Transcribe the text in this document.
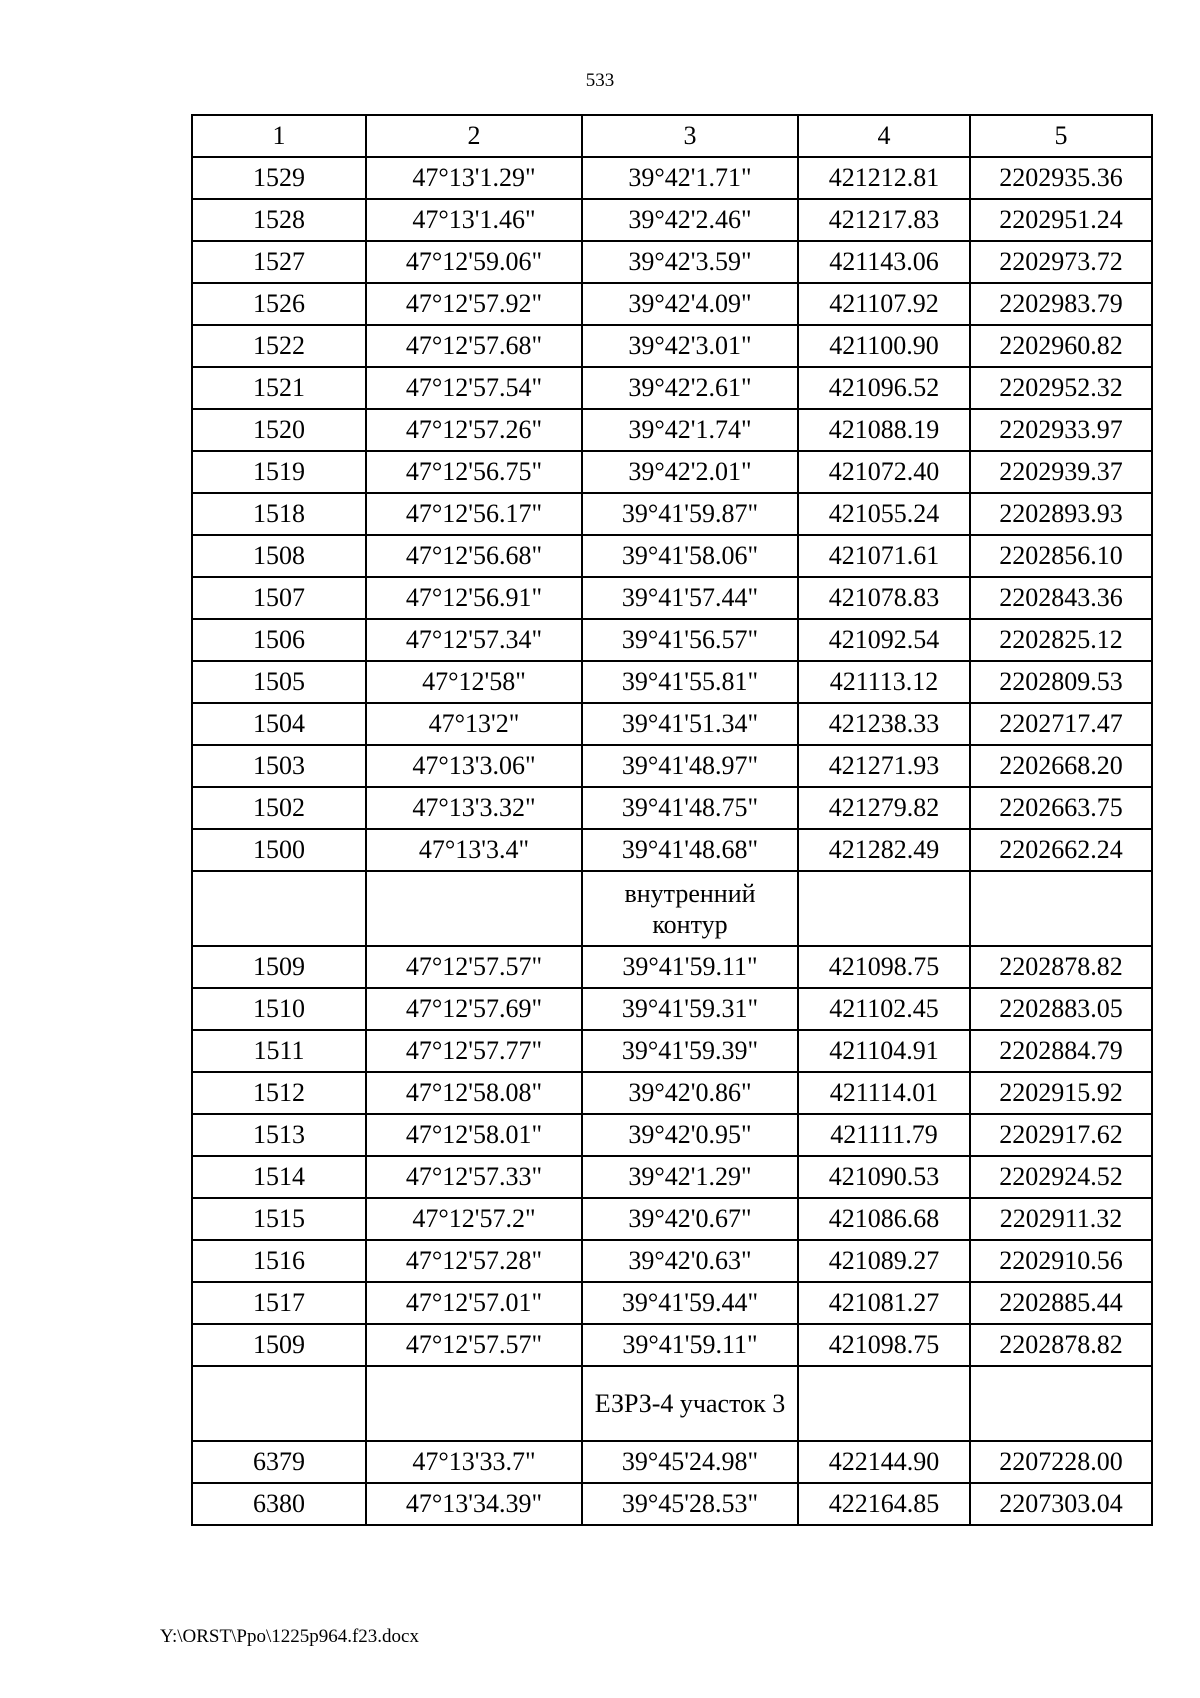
533
1	2	3	4	5
1529	47°13'1.29"	39°42'1.71"	421212.81	2202935.36
1528	47°13'1.46"	39°42'2.46"	421217.83	2202951.24
1527	47°12'59.06"	39°42'3.59"	421143.06	2202973.72
1526	47°12'57.92"	39°42'4.09"	421107.92	2202983.79
1522	47°12'57.68"	39°42'3.01"	421100.90	2202960.82
1521	47°12'57.54"	39°42'2.61"	421096.52	2202952.32
1520	47°12'57.26"	39°42'1.74"	421088.19	2202933.97
1519	47°12'56.75"	39°42'2.01"	421072.40	2202939.37
1518	47°12'56.17"	39°41'59.87"	421055.24	2202893.93
1508	47°12'56.68"	39°41'58.06"	421071.61	2202856.10
1507	47°12'56.91"	39°41'57.44"	421078.83	2202843.36
1506	47°12'57.34"	39°41'56.57"	421092.54	2202825.12
1505	47°12'58"	39°41'55.81"	421113.12	2202809.53
1504	47°13'2"	39°41'51.34"	421238.33	2202717.47
1503	47°13'3.06"	39°41'48.97"	421271.93	2202668.20
1502	47°13'3.32"	39°41'48.75"	421279.82	2202663.75
1500	47°13'3.4"	39°41'48.68"	421282.49	2202662.24
		внутренний контур		
1509	47°12'57.57"	39°41'59.11"	421098.75	2202878.82
1510	47°12'57.69"	39°41'59.31"	421102.45	2202883.05
1511	47°12'57.77"	39°41'59.39"	421104.91	2202884.79
1512	47°12'58.08"	39°42'0.86"	421114.01	2202915.92
1513	47°12'58.01"	39°42'0.95"	421111.79	2202917.62
1514	47°12'57.33"	39°42'1.29"	421090.53	2202924.52
1515	47°12'57.2"	39°42'0.67"	421086.68	2202911.32
1516	47°12'57.28"	39°42'0.63"	421089.27	2202910.56
1517	47°12'57.01"	39°41'59.44"	421081.27	2202885.44
1509	47°12'57.57"	39°41'59.11"	421098.75	2202878.82
		ЕЗРЗ-4 участок 3		
6379	47°13'33.7"	39°45'24.98"	422144.90	2207228.00
6380	47°13'34.39"	39°45'28.53"	422164.85	2207303.04
Y:\ORST\Ppo\1225p964.f23.docx
